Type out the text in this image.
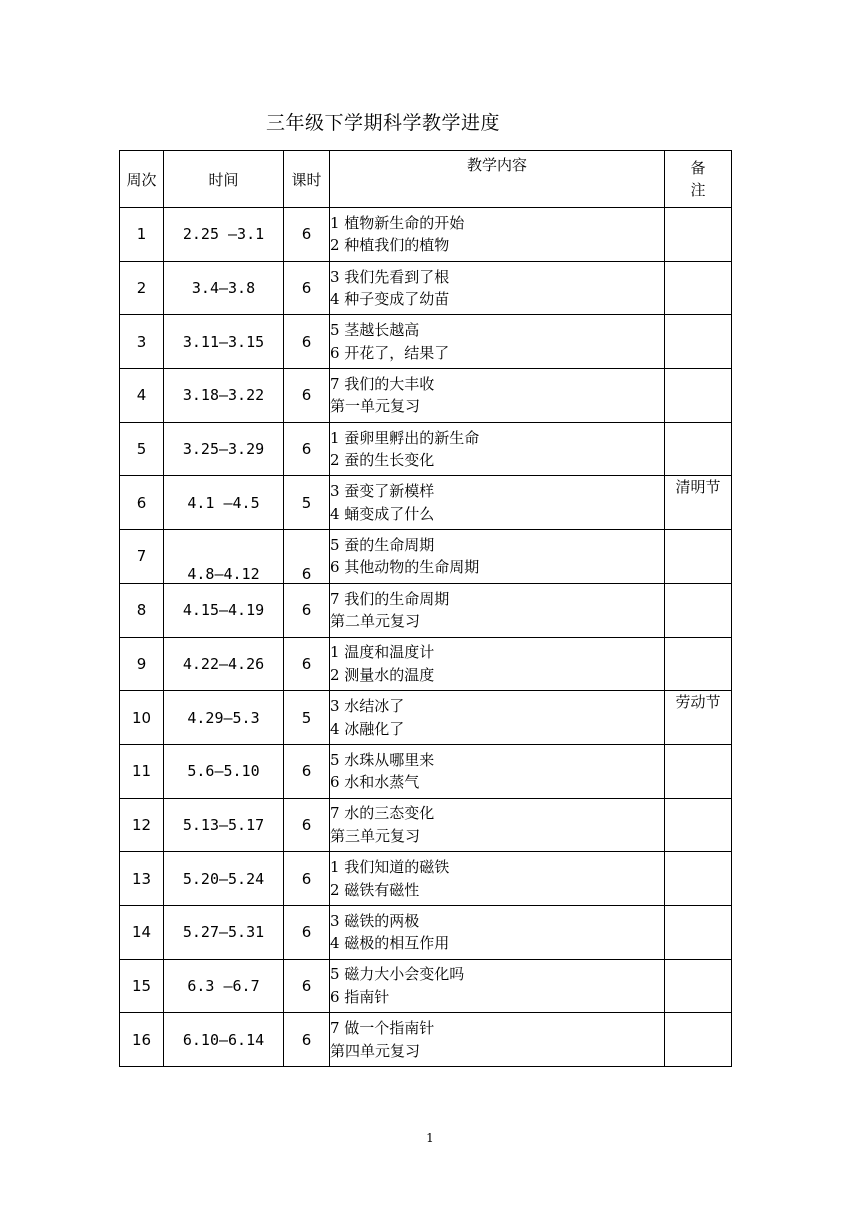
三年级下学期科学教学进度
周次	时间	课时	教学内容	备
注
1	2.25 —3.1	6	1 植物新生命的开始
2 种植我们的植物	

2	3.4—3.8	6	3 我们先看到了根
4 种子变成了幼苗	

3	3.11—3.15	6	5 茎越长越高
6 开花了，结果了	

4	3.18—3.22	6	7 我们的大丰收
第一单元复习	

5	3.25—3.29	6	1 蚕卵里孵出的新生命
2 蚕的生长变化	

6	4.1 —4.5	5	3 蚕变了新模样
4 蛹变成了什么	清明节
7	4.8—4.12	6	5 蚕的生命周期
6 其他动物的生命周期	

8	4.15—4.19	6	7 我们的生命周期
第二单元复习	

9	4.22—4.26	6	1 温度和温度计
2 测量水的温度	

10	4.29—5.3	5	3 水结冰了
4 冰融化了	劳动节
11	5.6—5.10	6	5 水珠从哪里来
6 水和水蒸气	

12	5.13—5.17	6	7 水的三态变化
第三单元复习	

13	5.20—5.24	6	1 我们知道的磁铁
2 磁铁有磁性	

14	5.27—5.31	6	3 磁铁的两极
4 磁极的相互作用	

15	6.3 —6.7	6	5 磁力大小会变化吗
6 指南针	

16	6.10—6.14	6	7 做一个指南针
第四单元复习	

1
